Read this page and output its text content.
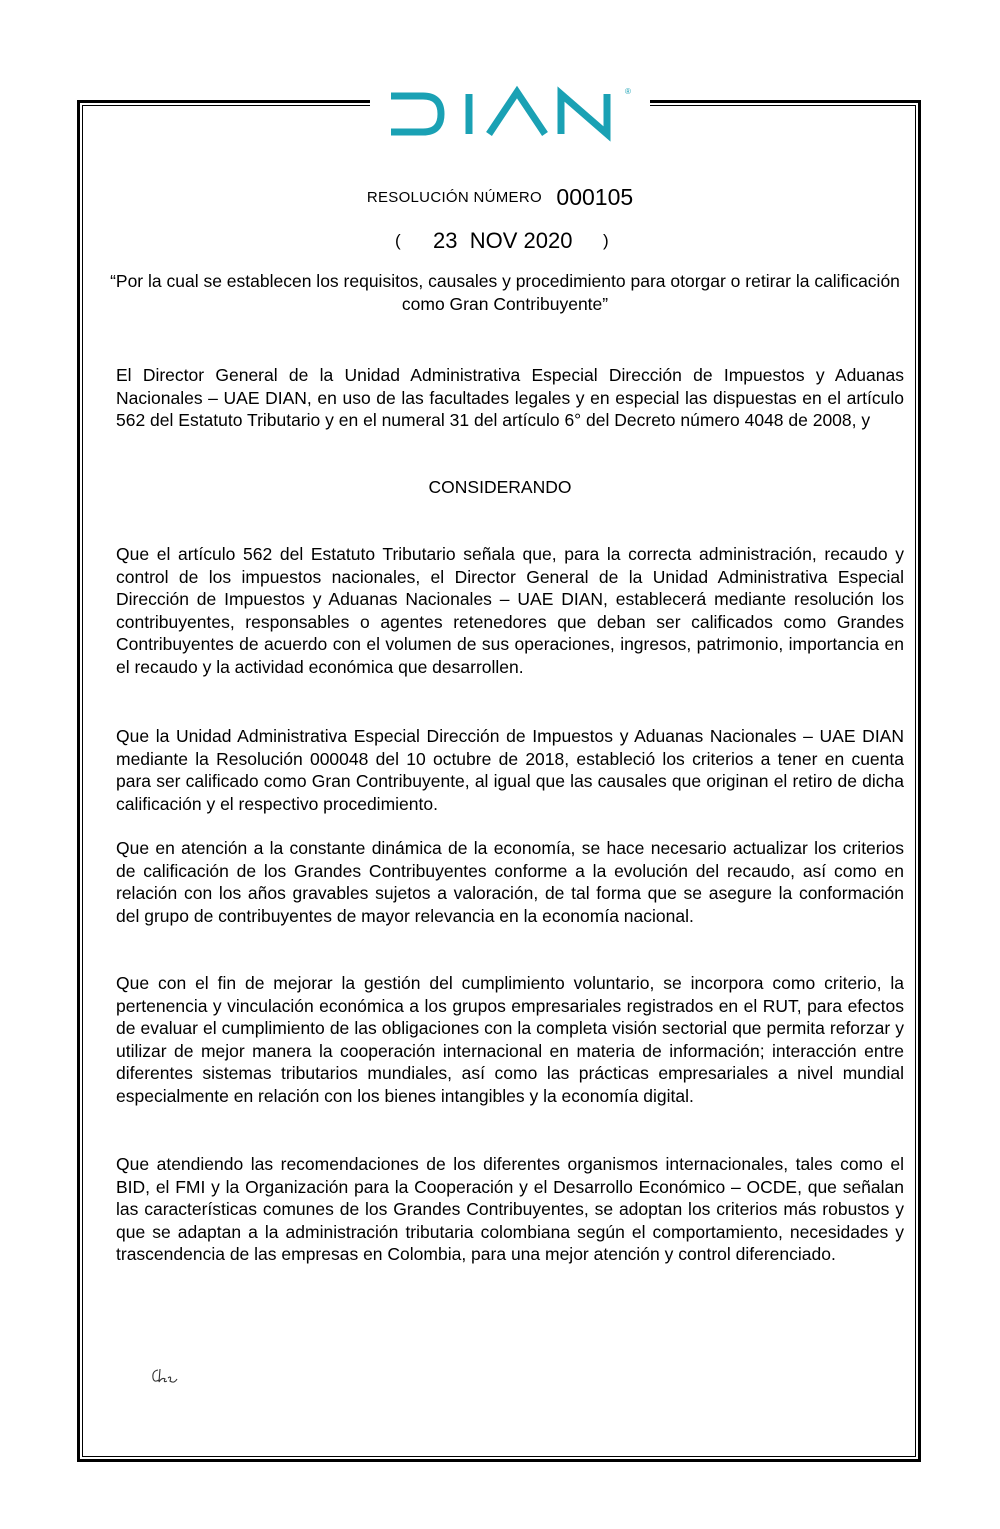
®
RESOLUCIÓN NÚMERO 000105
( 23  NOV 2020 )
“Por la cual se establecen los requisitos, causales y procedimiento para otorgar o retirar la calificación como Gran Contribuyente”

El Director General de la Unidad Administrativa Especial Dirección de Impuestos y Aduanas Nacionales – UAE DIAN, en uso de las facultades legales y en especial las dispuestas en el artículo 562 del Estatuto Tributario y en el numeral 31 del artículo 6° del Decreto número 4048 de 2008, y

CONSIDERANDO

Que el artículo 562 del Estatuto Tributario señala que, para la correcta administración, recaudo y control de los impuestos nacionales, el Director General de la Unidad Administrativa Especial Dirección de Impuestos y Aduanas Nacionales – UAE DIAN, establecerá mediante resolución los contribuyentes, responsables o agentes retenedores que deban ser calificados como Grandes Contribuyentes de acuerdo con el volumen de sus operaciones, ingresos, patrimonio, importancia en el recaudo y la actividad económica que desarrollen.

Que la Unidad Administrativa Especial Dirección de Impuestos y Aduanas Nacionales – UAE DIAN mediante la Resolución 000048 del 10 octubre de 2018, estableció los criterios a tener en cuenta para ser calificado como Gran Contribuyente, al igual que las causales que originan el retiro de dicha calificación y el respectivo procedimiento.

Que en atención a la constante dinámica de la economía, se hace necesario actualizar los criterios de calificación de los Grandes Contribuyentes conforme a la evolución del recaudo, así como en relación con los años gravables sujetos a valoración, de tal forma que se asegure la conformación del grupo de contribuyentes de mayor relevancia en la economía nacional.

Que con el fin de mejorar la gestión del cumplimiento voluntario, se incorpora como criterio, la pertenencia y vinculación económica a los grupos empresariales registrados en el RUT, para efectos de evaluar el cumplimiento de las obligaciones con la completa visión sectorial que permita reforzar y utilizar de mejor manera la cooperación internacional en materia de información; interacción entre diferentes sistemas tributarios mundiales, así como las prácticas empresariales a nivel mundial especialmente en relación con los bienes intangibles y la economía digital.

Que atendiendo las recomendaciones de los diferentes organismos internacionales, tales como el BID, el FMI y la Organización para la Cooperación y el Desarrollo Económico – OCDE, que señalan las características comunes de los Grandes Contribuyentes, se adoptan los criterios más robustos y que se adaptan a la administración tributaria colombiana según el comportamiento, necesidades y trascendencia de las empresas en Colombia, para una mejor atención y control diferenciado.
